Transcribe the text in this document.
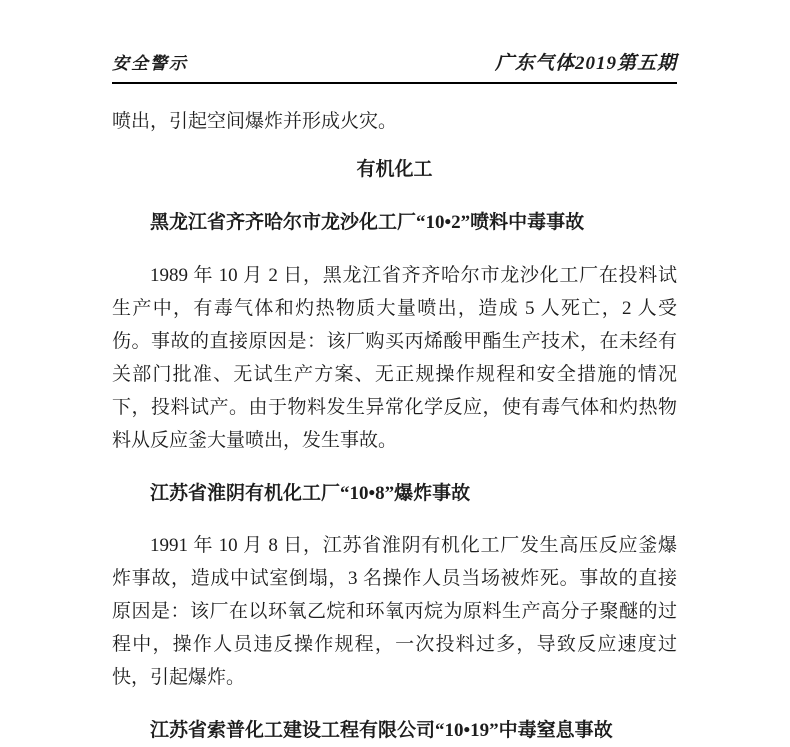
安全警示	广东气体2019第五期

喷出，引起空间爆炸并形成火灾。

有机化工
黑龙江省齐齐哈尔市龙沙化工厂“10•2”喷料中毒事故

1989 年 10 月 2 日，黑龙江省齐齐哈尔市龙沙化工厂在投料试生产中，有毒气体和灼热物质大量喷出，造成 5 人死亡，2 人受伤。事故的直接原因是：该厂购买丙烯酸甲酯生产技术，在未经有关部门批准、无试生产方案、无正规操作规程和安全措施的情况下，投料试产。由于物料发生异常化学反应，使有毒气体和灼热物料从反应釜大量喷出，发生事故。

江苏省淮阴有机化工厂“10•8”爆炸事故

1991 年 10 月 8 日，江苏省淮阴有机化工厂发生高压反应釜爆炸事故，造成中试室倒塌，3 名操作人员当场被炸死。事故的直接原因是：该厂在以环氧乙烷和环氧丙烷为原料生产高分子聚醚的过程中，操作人员违反操作规程，一次投料过多，导致反应速度过快，引起爆炸。

江苏省索普化工建设工程有限公司“10•19”中毒窒息事故
